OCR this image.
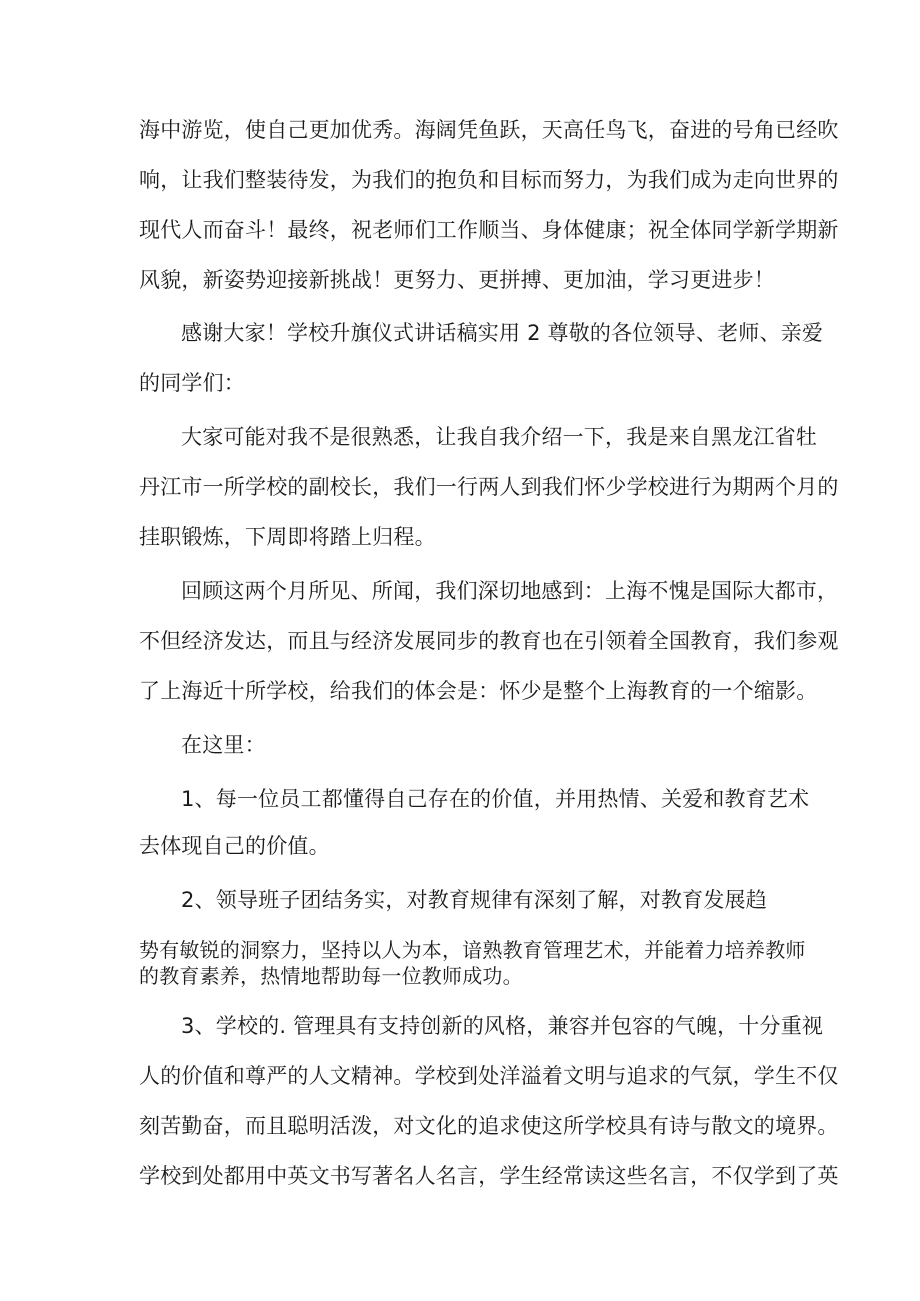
海中游览，使自己更加优秀。海阔凭鱼跃，天高任鸟飞，奋进的号角已经吹
响，让我们整装待发，为我们的抱负和目标而努力，为我们成为走向世界的
现代人而奋斗！最终，祝老师们工作顺当、身体健康；祝全体同学新学期新
风貌，新姿势迎接新挑战！更努力、更拼搏、更加油，学习更进步！
感谢大家！学校升旗仪式讲话稿实用 2 尊敬的各位领导、老师、亲爱
的同学们：
大家可能对我不是很熟悉，让我自我介绍一下，我是来自黑龙江省牡
丹江市一所学校的副校长，我们一行两人到我们怀少学校进行为期两个月的
挂职锻炼，下周即将踏上归程。
回顾这两个月所见、所闻，我们深切地感到：上海不愧是国际大都市，
不但经济发达，而且与经济发展同步的教育也在引领着全国教育，我们参观
了上海近十所学校，给我们的体会是：怀少是整个上海教育的一个缩影。
在这里：
1、每一位员工都懂得自己存在的价值，并用热情、关爱和教育艺术
去体现自己的价值。
2、领导班子团结务实，对教育规律有深刻了解，对教育发展趋
势有敏锐的洞察力，坚持以人为本，谙熟教育管理艺术，并能着力培养教师
的教育素养，热情地帮助每一位教师成功。
3、学校的. 管理具有支持创新的风格，兼容并包容的气魄，十分重视
人的价值和尊严的人文精神。学校到处洋溢着文明与追求的气氛，学生不仅
刻苦勤奋，而且聪明活泼，对文化的追求使这所学校具有诗与散文的境界。
学校到处都用中英文书写著名人名言，学生经常读这些名言，不仅学到了英
